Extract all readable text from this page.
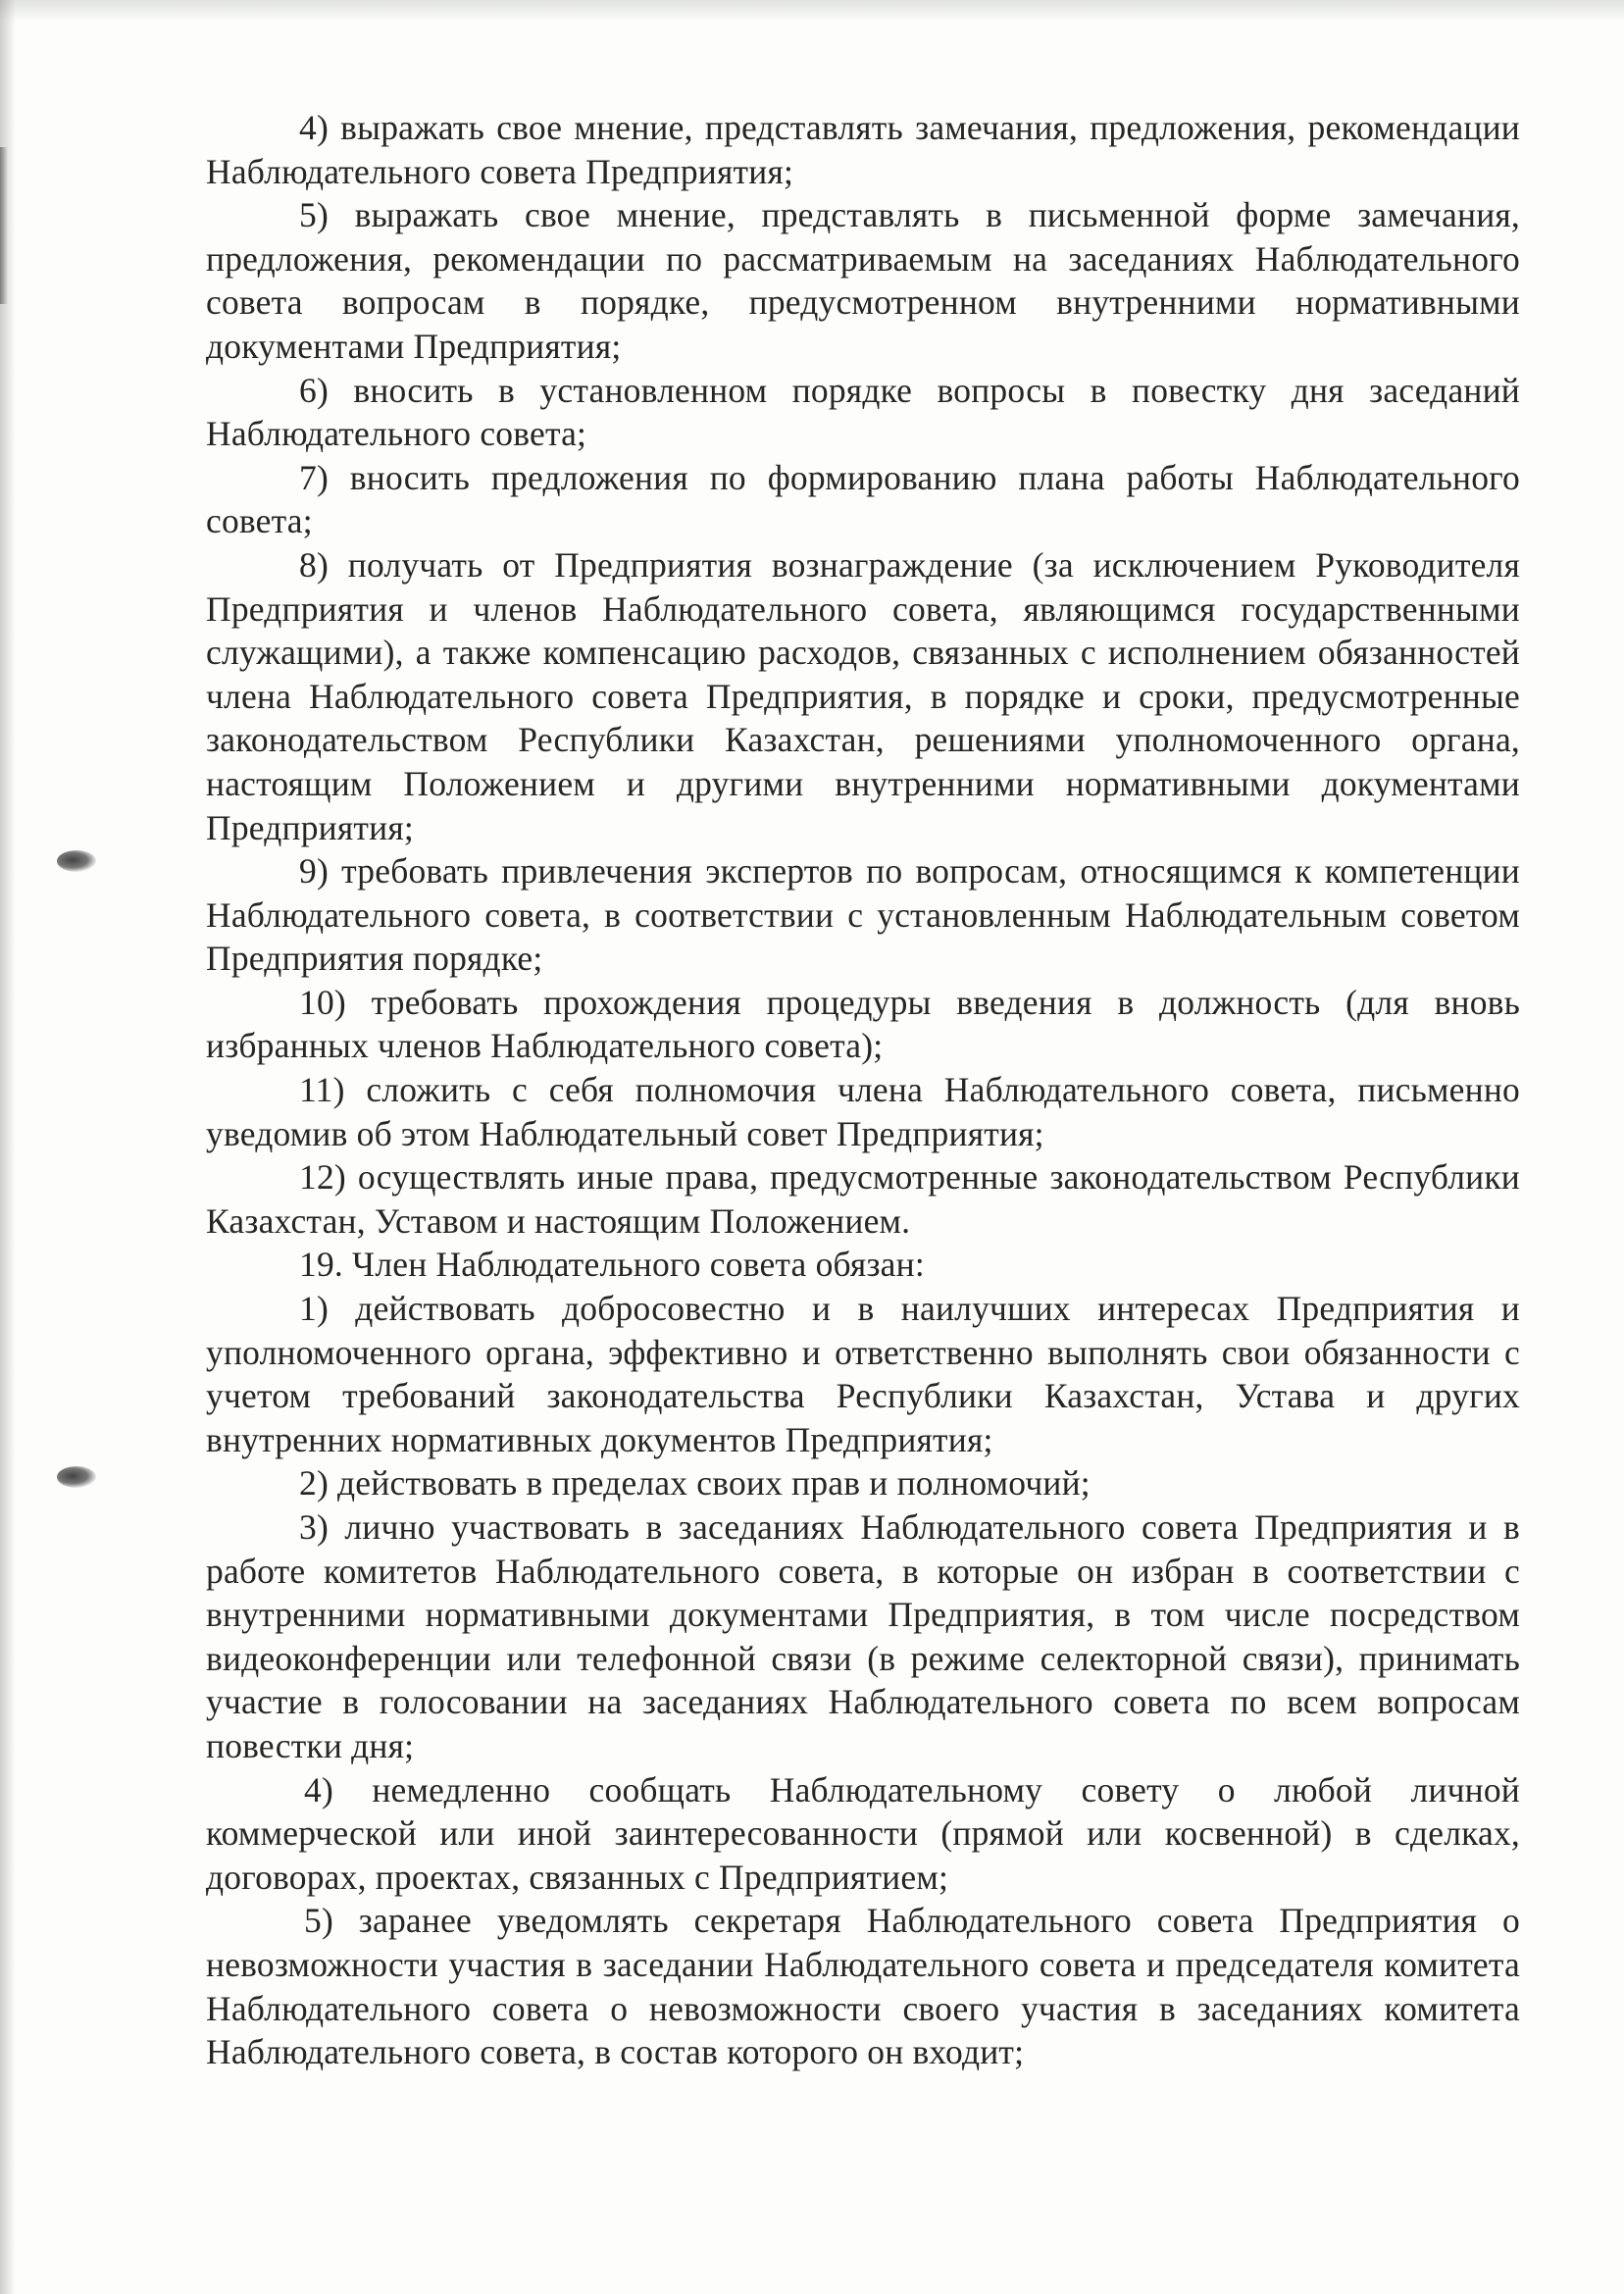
4) выражать свое мнение, представлять замечания, предложения, рекомендации Наблюдательного совета Предприятия;

5) выражать свое мнение, представлять в письменной форме замечания, предложения, рекомендации по рассматриваемым на заседаниях Наблюдательного совета вопросам в порядке, предусмотренном внутренними нормативными документами Предприятия;

6) вносить в установленном порядке вопросы в повестку дня заседаний Наблюдательного совета;

7) вносить предложения по формированию плана работы Наблюдательного совета;

8) получать от Предприятия вознаграждение (за исключением Руководителя Предприятия и членов Наблюдательного совета, являющимся государственными служащими), а также компенсацию расходов, связанных с исполнением обязанностей члена Наблюдательного совета Предприятия, в порядке и сроки, предусмотренные законодательством Республики Казахстан, решениями уполномоченного органа, настоящим Положением и другими внутренними нормативными документами Предприятия;

9) требовать привлечения экспертов по вопросам, относящимся к компетенции Наблюдательного совета, в соответствии с установленным Наблюдательным советом Предприятия порядке;

10) требовать прохождения процедуры введения в должность (для вновь избранных членов Наблюдательного совета);

11) сложить с себя полномочия члена Наблюдательного совета, письменно уведомив об этом Наблюдательный совет Предприятия;

12) осуществлять иные права, предусмотренные законодательством Республики Казахстан, Уставом и настоящим Положением.

19. Член Наблюдательного совета обязан:

1) действовать добросовестно и в наилучших интересах Предприятия и уполномоченного органа, эффективно и ответственно выполнять свои обязанности с учетом требований законодательства Республики Казахстан, Устава и других внутренних нормативных документов Предприятия;

2) действовать в пределах своих прав и полномочий;

3) лично участвовать в заседаниях Наблюдательного совета Предприятия и в работе комитетов Наблюдательного совета, в которые он избран в соответствии с внутренними нормативными документами Предприятия, в том числе посредством видеоконференции или телефонной связи (в режиме селекторной связи), принимать участие в голосовании на заседаниях Наблюдательного совета по всем вопросам повестки дня;

4) немедленно сообщать Наблюдательному совету о любой личной коммерческой или иной заинтересованности (прямой или косвенной) в сделках, договорах, проектах, связанных с Предприятием;

5) заранее уведомлять секретаря Наблюдательного совета Предприятия о невозможности участия в заседании Наблюдательного совета и председателя комитета Наблюдательного совета о невозможности своего участия в заседаниях комитета Наблюдательного совета, в состав которого он входит;
